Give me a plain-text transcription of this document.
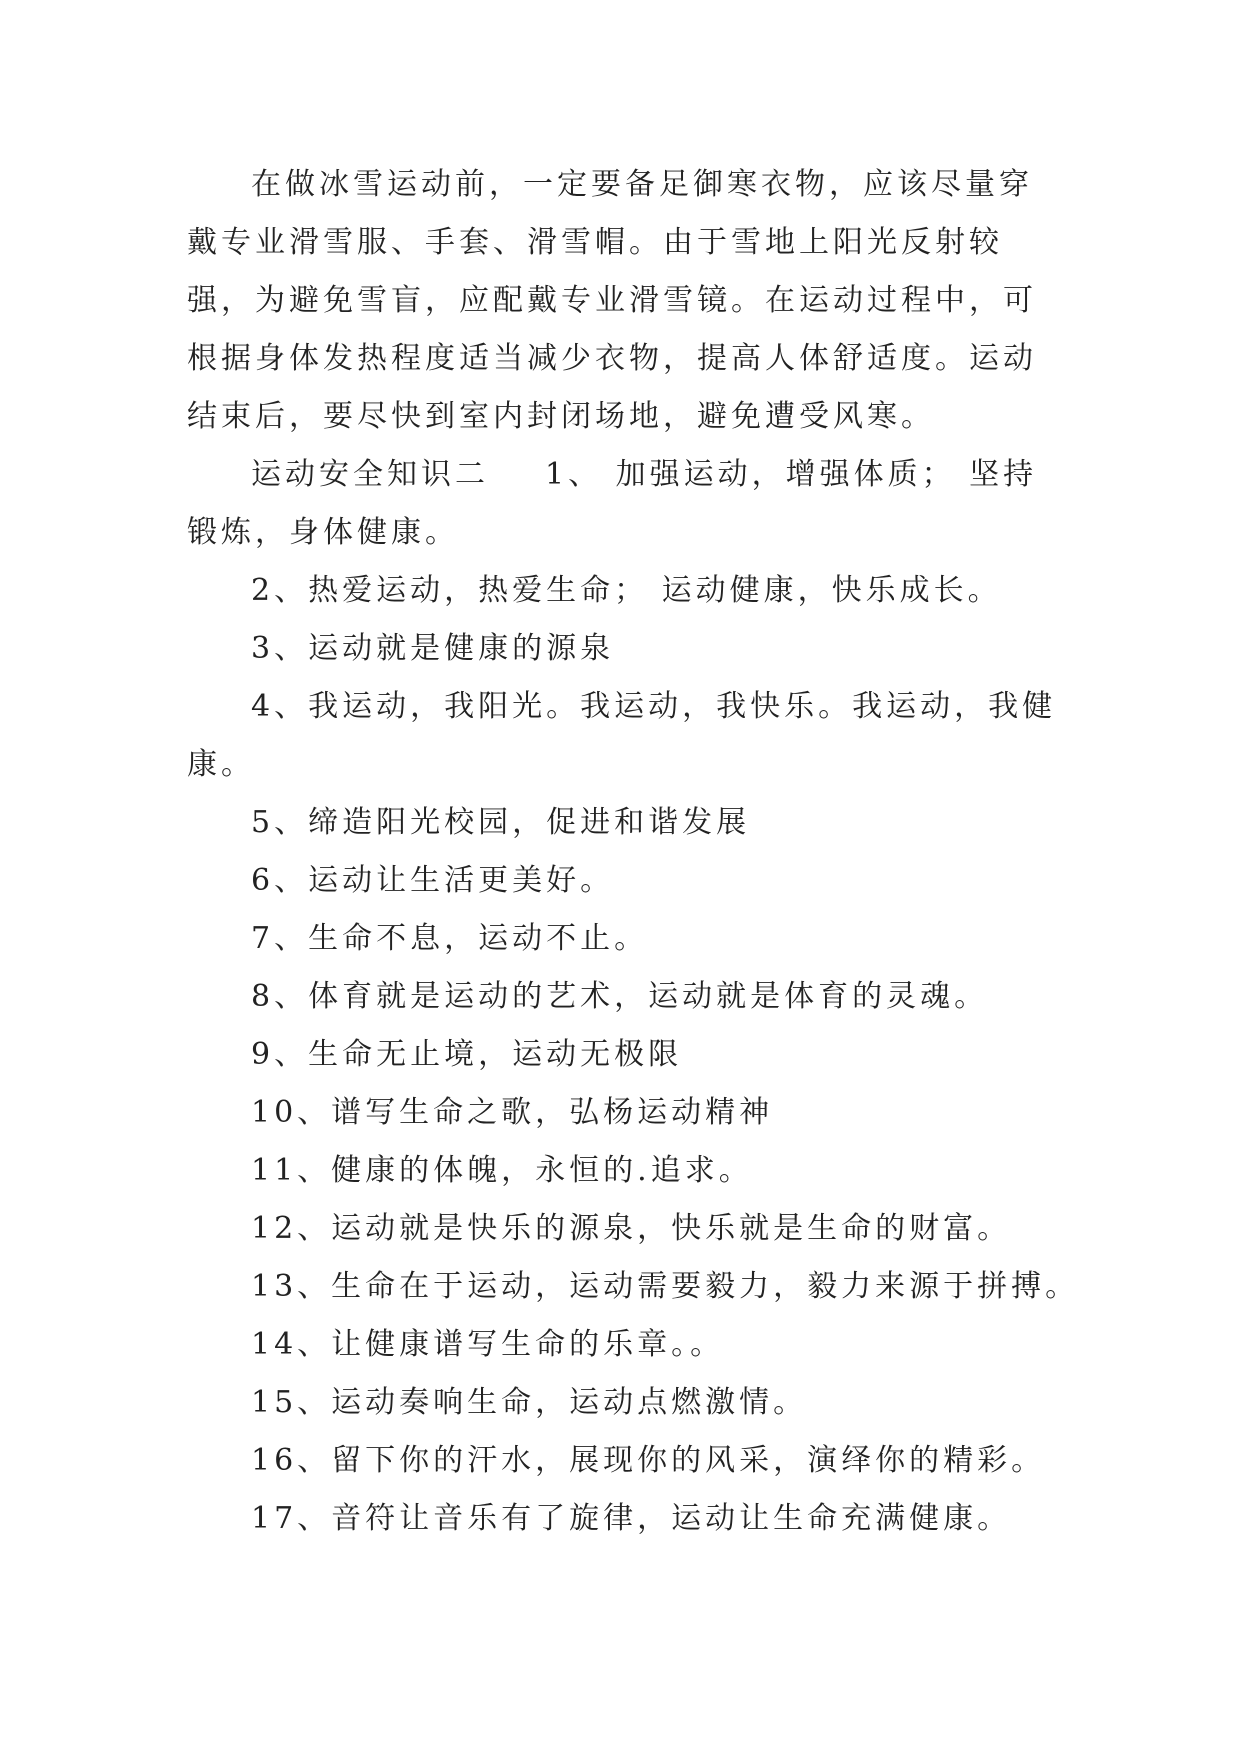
在做冰雪运动前，一定要备足御寒衣物，应该尽量穿戴专业滑雪服、手套、滑雪帽。由于雪地上阳光反射较强，为避免雪盲，应配戴专业滑雪镜。在运动过程中，可根据身体发热程度适当减少衣物，提高人体舒适度。运动结束后，要尽快到室内封闭场地，避免遭受风寒。

运动安全知识二 1、 加强运动，增强体质； 坚持锻炼，身体健康。

2、热爱运动，热爱生命； 运动健康，快乐成长。

3、运动就是健康的源泉

4、我运动，我阳光。我运动，我快乐。我运动，我健康。

5、缔造阳光校园，促进和谐发展

6、运动让生活更美好。

7、生命不息，运动不止。

8、体育就是运动的艺术，运动就是体育的灵魂。

9、生命无止境，运动无极限

10、谱写生命之歌，弘杨运动精神

11、健康的体魄，永恒的.追求。

12、运动就是快乐的源泉，快乐就是生命的财富。

13、生命在于运动，运动需要毅力，毅力来源于拼搏。

14、让健康谱写生命的乐章。。

15、运动奏响生命，运动点燃激情。

16、留下你的汗水，展现你的风采，演绎你的精彩。

17、音符让音乐有了旋律，运动让生命充满健康。
